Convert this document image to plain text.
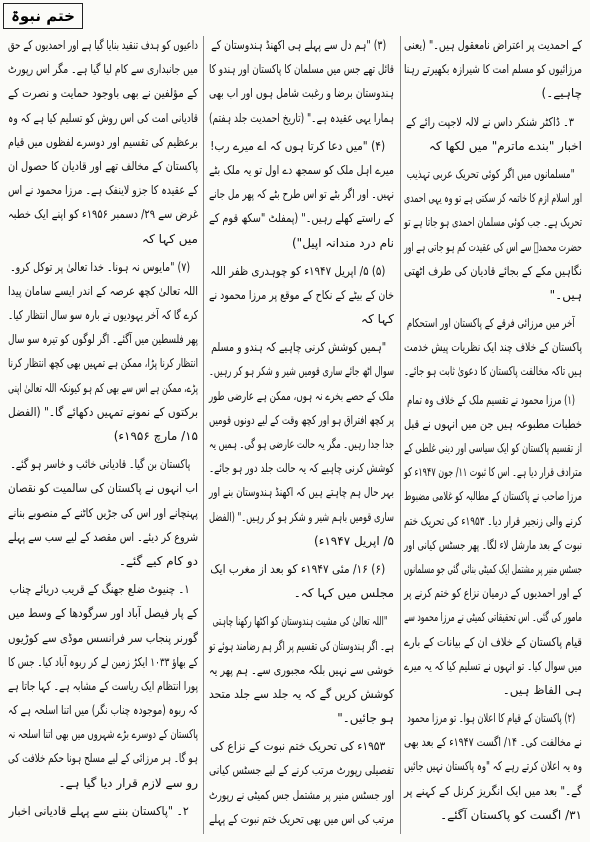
ختم نبوۃ
کے احمدیت پر اعتراض نامعقول ہیں۔" (یعنی
مرزائیوں کو مسلم امت کا شیرازہ بکھیرتے رہنا
چاہیے۔)
۳۔ ڈاکٹر شنکر داس نے لالہ لاجپت رائے کے
اخبار "بندے ماترم" میں لکھا کہ
"مسلمانوں میں اگر کوئی تحریک عربی تہذیب
اور اسلام ازم کا خاتمہ کر سکتی ہے تو وہ یہی احمدی
تحریک ہے۔ جب کوئی مسلمان احمدی ہو جاتا ہے تو
حضرت محمدؐ سے اس کی عقیدت کم ہو جاتی ہے اور
نگاہیں مکے کے بجائے قادیان کی طرف اٹھتی
ہیں۔"
آخر میں مرزائی فرقے کے پاکستان اور استحکام
پاکستان کے خلاف چند ایک نظریات پیش خدمت
ہیں تاکہ مخالفت پاکستان کا دعویٰ ثابت ہو جائے۔
(۱) مرزا محمود نے تقسیم ملک کے خلاف وہ تمام
خطبات مطبوعہ ہیں جن میں انہوں نے قبل
از تقسیم پاکستان کو ایک سیاسی اور دینی غلطی کے
مترادف قرار دیا ہے۔ اس کا ثبوت ۱۱/ جون ۱۹۴۷ء کو
مرزا صاحب نے پاکستان کے مطالبہ کو غلامی مضبوط
کرنے والی زنجیر قرار دیا۔ ۱۹۵۳ء کی تحریک ختم
نبوت کے بعد مارشل لاء لگا۔ پھر جسٹس کیانی اور
جسٹس منیر پر مشتمل ایک کمیٹی بنائی گئی جو مسلمانوں
کے اور احمدیوں کے درمیان نزاع کو ختم کرنے پر
مامور کی گئی۔ اس تحقیقاتی کمیٹی نے مرزا محمود سے
قیام پاکستان کے خلاف ان کے بیانات کے بارے
میں سوال کیا۔ تو انہوں نے تسلیم کیا کہ یہ میرے
ہی الفاظ ہیں۔
(۲) پاکستان کے قیام کا اعلان ہوا۔ تو مرزا محمود
نے مخالفت کی۔ ۱۴/ اگست ۱۹۴۷ء کے بعد بھی
وہ یہ اعلان کرتے رہے کہ "وہ پاکستان نہیں جائیں
گے۔" بعد میں ایک انگریز کرنل کے کہنے پر
۳۱/ اگست کو پاکستان آگئے۔
(۳) "ہم دل سے پہلے ہی اکھنڈ ہندوستان کے
قائل تھے جس میں مسلمان کا پاکستان اور ہندو کا
ہندوستان برضا و رغبت شامل ہوں اور اب بھی
ہمارا یہی عقیدہ ہے۔" (تاریخ احمدیت جلد ہفتم)
(۴) "میں دعا کرتا ہوں کہ اے میرے رب!
میرے اہل ملک کو سمجھ دے اول تو یہ ملک بٹے
نہیں۔ اور اگر بٹے تو اس طرح بٹے کہ پھر مل جانے
کے راستے کھلے رہیں۔" (پمفلٹ "سکھ قوم کے
نام درد مندانہ اپیل")
(۵) ۵/ اپریل ۱۹۴۷ء کو چوہدری ظفر اللہ
خان کے بیٹے کے نکاح کے موقع پر مرزا محمود نے
کہا کہ
"ہمیں کوشش کرنی چاہیے کہ ہندو و مسلم
سوال اٹھ جائے ساری قومیں شیر و شکر ہو کر رہیں۔
ملک کے حصے بخرے نہ ہوں، ممکن ہے عارضی طور
پر کچھ افتراق ہو اور کچھ وقت کے لیے دونوں قومیں
جدا جدا رہیں۔ مگر یہ حالت عارضی ہو گی۔ ہمیں یہ
کوشش کرنی چاہیے کہ یہ حالت جلد دور ہو جائے۔
بہر حال ہم چاہتے ہیں کہ اکھنڈ ہندوستان بنے اور
ساری قومیں باہم شیر و شکر ہو کر رہیں۔" (الفضل
۵/ اپریل ۱۹۴۷ء)
(۶) ۱۶/ مئی ۱۹۴۷ء کو بعد از مغرب ایک
مجلس میں کہا کہ۔
"اللہ تعالیٰ کی مشیت ہندوستان کو اکٹھا رکھنا چاہتی
ہے۔ اگر ہندوستان کی تقسیم پر اگر ہم رضامند ہوئے تو
خوشی سے نہیں بلکہ مجبوری سے۔ ہم پھر یہ
کوشش کریں گے کہ یہ جلد سے جلد متحد
ہو جائیں۔"
۱۹۵۳ء کی تحریک ختم نبوت کے نزاع کی
تفصیلی رپورٹ مرتب کرنے کے لیے جسٹس کیانی
اور جسٹس منیر پر مشتمل جس کمیٹی نے رپورٹ
مرتب کی اس میں بھی تحریک ختم نبوت کے پہلے
داعیوں کو ہدف تنقید بنایا گیا ہے اور احمدیوں کے حق
میں جانبداری سے کام لیا گیا ہے۔ مگر اس رپورٹ
کے مؤلفین نے بھی باوجود حمایت و نصرت کے
قادیانی امت کی اس روش کو تسلیم کیا ہے کہ وہ
برعظیم کی تقسیم اور دوسرے لفظوں میں قیام
پاکستان کے مخالف تھے اور قادیان کا حصول ان
کے عقیدہ کا جزو لاینفک ہے۔ مرزا محمود نے اس
غرض سے ۲۹/ دسمبر ۱۹۵۶ء کو اپنے ایک خطبہ
میں کہا کہ
(۷) "مایوس نہ ہونا۔ خدا تعالیٰ پر توکل کرو۔
اللہ تعالیٰ کچھ عرصہ کے اندر ایسے سامان پیدا
کرے گا کہ آخر یہودیوں نے بارہ سو سال انتظار کیا۔
پھر فلسطین میں آگئے۔ اگر لوگوں کو تیرہ سو سال
انتظار کرنا پڑا، ممکن ہے تمہیں بھی کچھ انتظار کرنا
پڑے، ممکن ہے اس سے بھی کم ہو کیونکہ اللہ تعالیٰ اپنی
برکتوں کے نمونے تمہیں دکھائے گا۔" (الفضل
۱۵/ مارچ ۱۹۵۶ء)
پاکستان بن گیا۔ قادیانی خائب و خاسر ہو گئے۔
اب انہوں نے پاکستان کی سالمیت کو نقصان
پہنچانے اور اس کی جڑیں کاٹنے کے منصوبے بنانے
شروع کر دیئے۔ اس مقصد کے لیے سب سے پہلے
دو کام کیے گئے۔
۱۔ چنیوٹ ضلع جھنگ کے قریب دریائے چناب
کے پار فیصل آباد اور سرگودھا کے وسط میں
گورنر پنجاب سر فرانسس موڈی سے کوڑیوں
کے بھاؤ ۱۰۳۳ ایکڑ زمین لے کر ربوہ آباد کیا۔ جس کا
پورا انتظام ایک ریاست کے مشابہ ہے۔ کہا جاتا ہے
کہ ربوہ (موجودہ چناب نگر) میں اتنا اسلحہ ہے کہ
پاکستان کے دوسرے بڑے شہروں میں بھی اتنا اسلحہ نہ
ہو گا۔ ہر مرزائی کے لیے مسلح ہونا حکم خلافت کی
رو سے لازم قرار دیا گیا ہے۔
۲۔ "پاکستان بننے سے پہلے قادیانی اخبار
